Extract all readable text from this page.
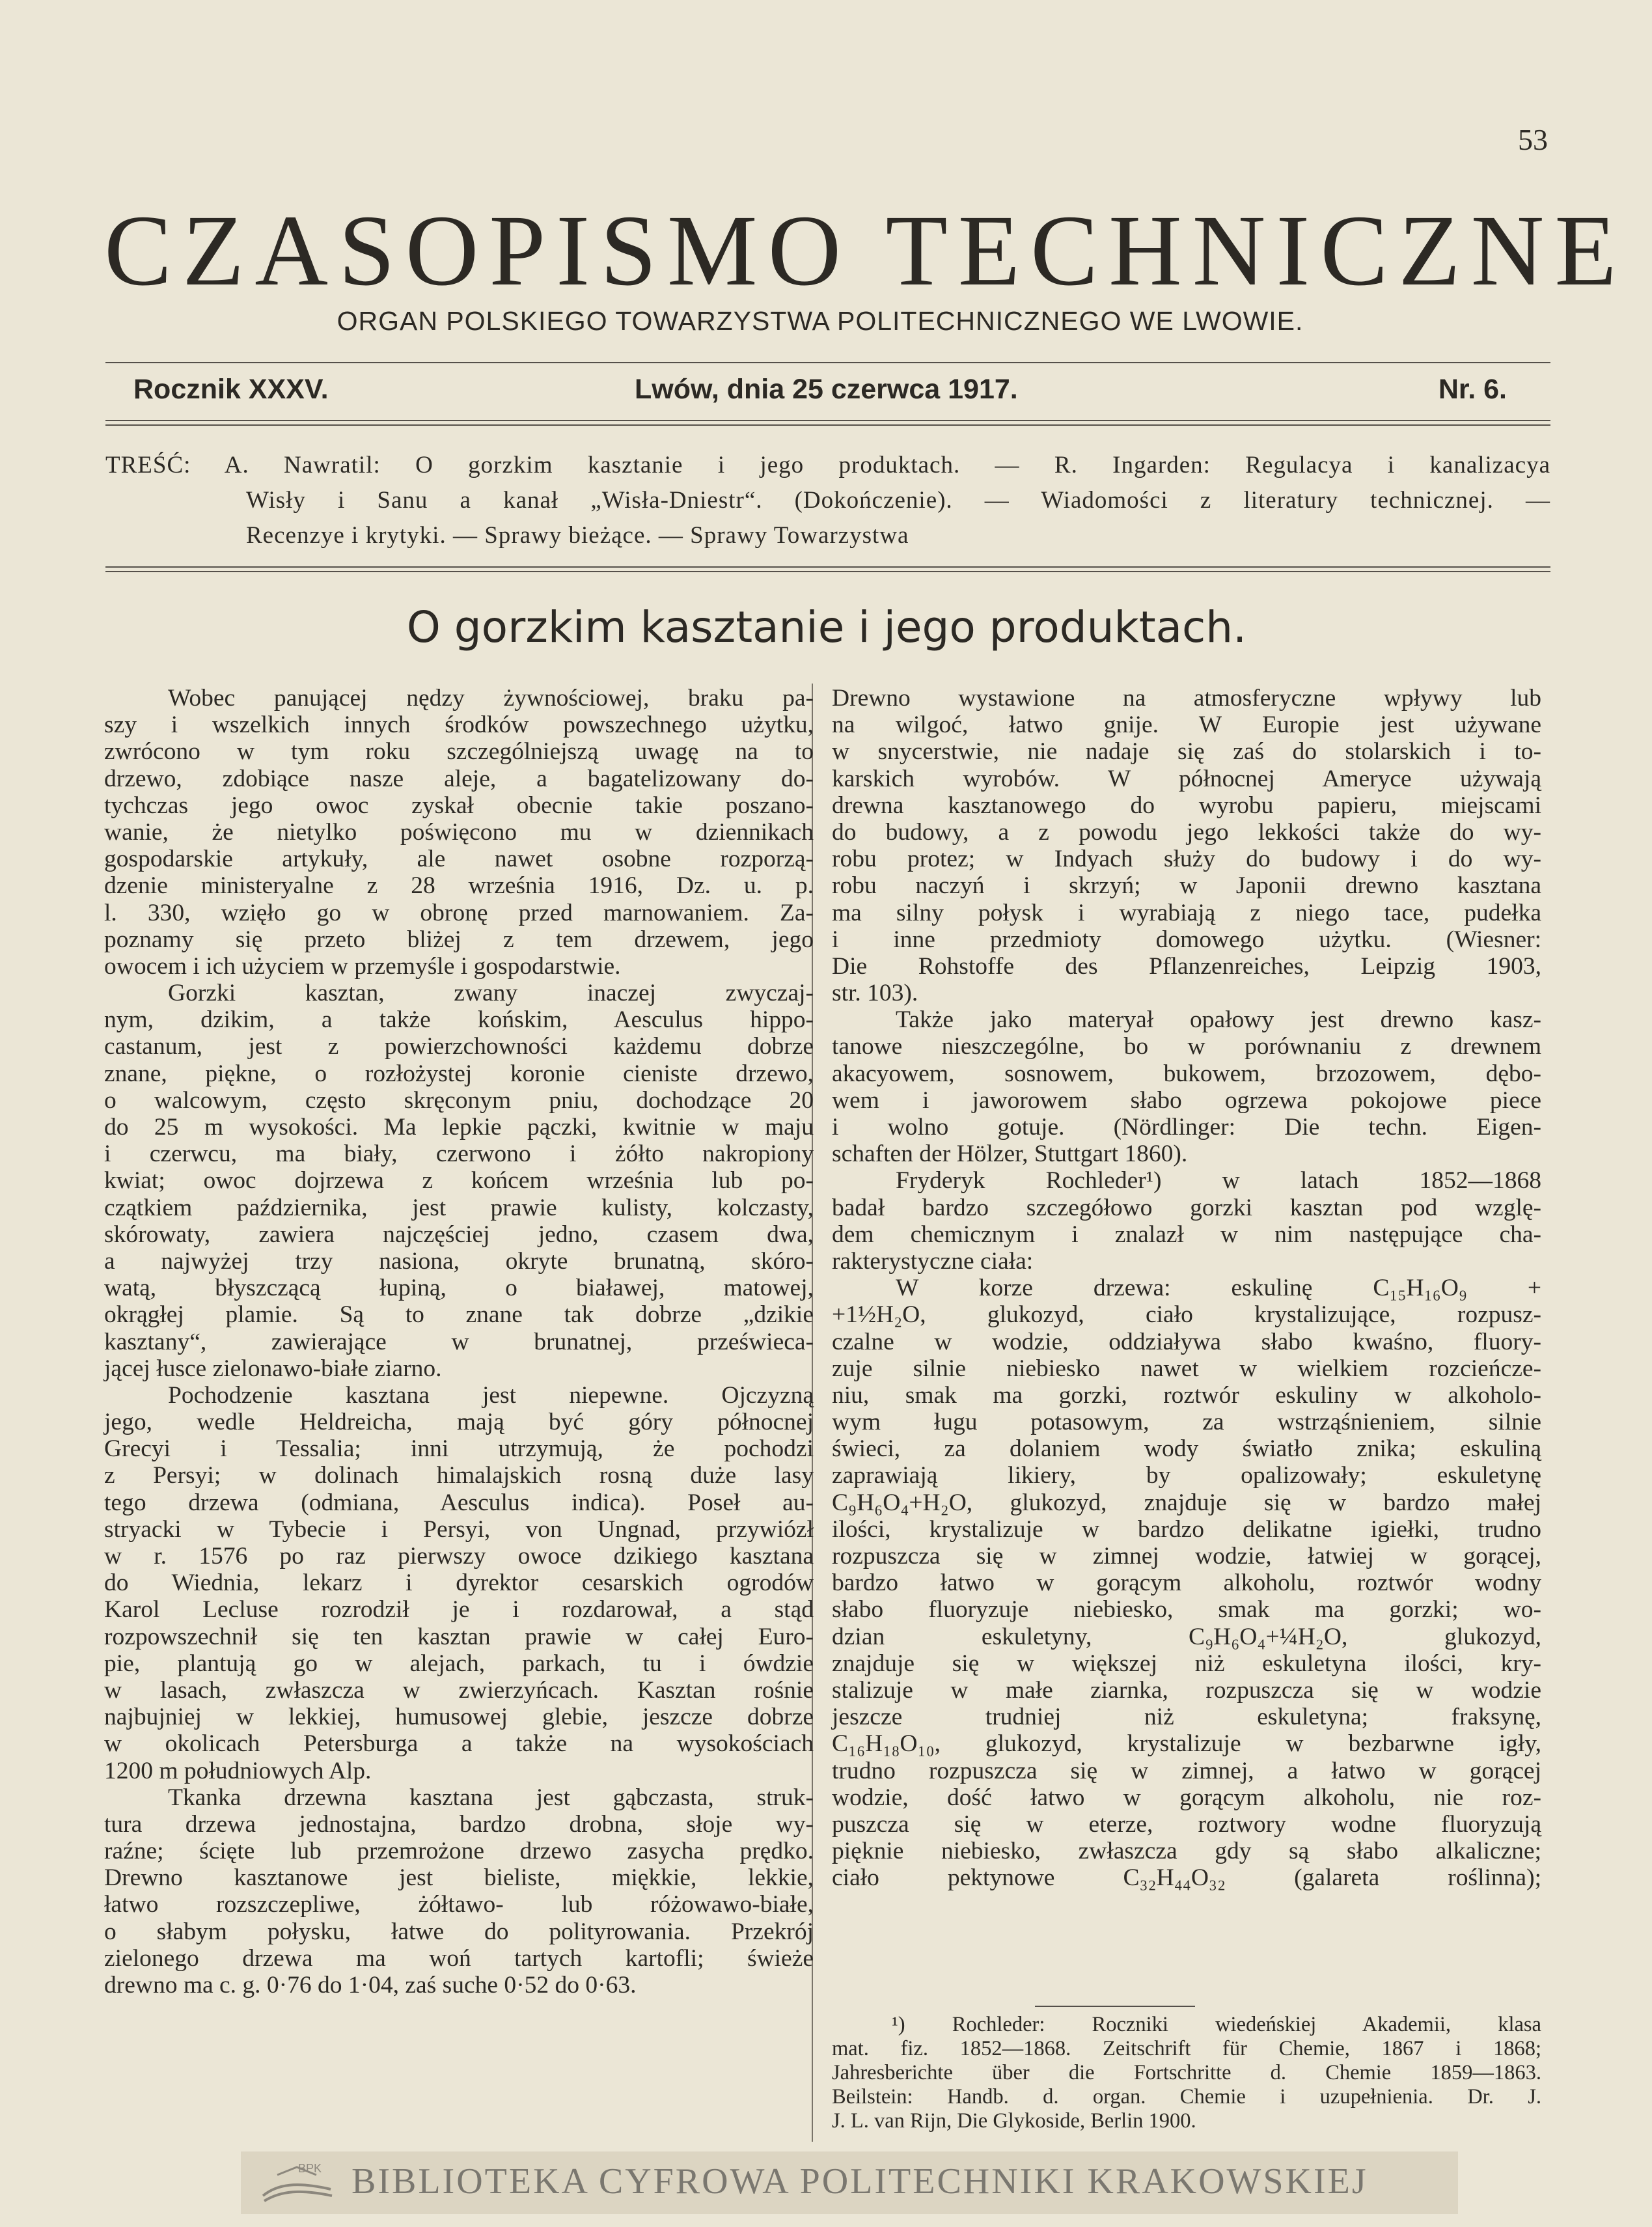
53
CZASOPISMO TECHNICZNE
ORGAN POLSKIEGO TOWARZYSTWA POLITECHNICZNEGO WE LWOWIE.
Rocznik XXXV.	Lwów, dnia 25 czerwca 1917.	Nr. 6.
TREŚĆ: A. Nawratil: O gorzkim kasztanie i jego produktach. — R. Ingarden: Regulacya i kanalizacya
Wisły i Sanu a kanał „Wisła-Dniestr“. (Dokończenie). — Wiadomości z literatury technicznej. —
Recenzye i krytyki. — Sprawy bieżące. — Sprawy Towarzystwa
O gorzkim kasztanie i jego produktach.
Wobec panującej nędzy żywnościowej, braku pa-
szy i wszelkich innych środków powszechnego użytku,
zwrócono w tym roku szczególniejszą uwagę na to
drzewo, zdobiące nasze aleje, a bagatelizowany do-
tychczas jego owoc zyskał obecnie takie poszano-
wanie, że nietylko poświęcono mu w dziennikach
gospodarskie artykuły, ale nawet osobne rozporzą-
dzenie ministeryalne z 28 września 1916, Dz. u. p.
l. 330, wzięło go w obronę przed marnowaniem. Za-
poznamy się przeto bliżej z tem drzewem, jego
owocem i ich użyciem w przemyśle i gospodarstwie.
Gorzki kasztan, zwany inaczej zwyczaj-
nym, dzikim, a także końskim, Aesculus hippo-
castanum, jest z powierzchowności każdemu dobrze
znane, piękne, o rozłożystej koronie cieniste drzewo,
o walcowym, często skręconym pniu, dochodzące 20
do 25 m wysokości. Ma lepkie pączki, kwitnie w maju
i czerwcu, ma biały, czerwono i żółto nakropiony
kwiat; owoc dojrzewa z końcem września lub po-
czątkiem października, jest prawie kulisty, kolczasty,
skórowaty, zawiera najczęściej jedno, czasem dwa,
a najwyżej trzy nasiona, okryte brunatną, skóro-
watą, błyszczącą łupiną, o białawej, matowej,
okrągłej plamie. Są to znane tak dobrze „dzikie
kasztany“, zawierające w brunatnej, prześwieca-
jącej łusce zielonawo-białe ziarno.
Pochodzenie kasztana jest niepewne. Ojczyzną
jego, wedle Heldreicha, mają być góry północnej
Grecyi i Tessalia; inni utrzymują, że pochodzi
z Persyi; w dolinach himalajskich rosną duże lasy
tego drzewa (odmiana, Aesculus indica). Poseł au-
stryacki w Tybecie i Persyi, von Ungnad, przywiózł
w r. 1576 po raz pierwszy owoce dzikiego kasztana
do Wiednia, lekarz i dyrektor cesarskich ogrodów
Karol Lecluse rozrodził je i rozdarował, a stąd
rozpowszechnił się ten kasztan prawie w całej Euro-
pie, plantują go w alejach, parkach, tu i ówdzie
w lasach, zwłaszcza w zwierzyńcach. Kasztan rośnie
najbujniej w lekkiej, humusowej glebie, jeszcze dobrze
w okolicach Petersburga a także na wysokościach
1200 m południowych Alp.
Tkanka drzewna kasztana jest gąbczasta, struk-
tura drzewa jednostajna, bardzo drobna, słoje wy-
raźne; ścięte lub przemrożone drzewo zasycha prędko.
Drewno kasztanowe jest bieliste, miękkie, lekkie,
łatwo rozszczepliwe, żółtawo- lub różowawo-białe,
o słabym połysku, łatwe do polityrowania. Przekrój
zielonego drzewa ma woń tartych kartofli; świeże
drewno ma c. g. 0·76 do 1·04, zaś suche 0·52 do 0·63.
Drewno wystawione na atmosferyczne wpływy lub
na wilgoć, łatwo gnije. W Europie jest używane
w snycerstwie, nie nadaje się zaś do stolarskich i to-
karskich wyrobów. W północnej Ameryce używają
drewna kasztanowego do wyrobu papieru, miejscami
do budowy, a z powodu jego lekkości także do wy-
robu protez; w Indyach służy do budowy i do wy-
robu naczyń i skrzyń; w Japonii drewno kasztana
ma silny połysk i wyrabiają z niego tace, pudełka
i inne przedmioty domowego użytku. (Wiesner:
Die Rohstoffe des Pflanzenreiches, Leipzig 1903,
str. 103).
Także jako materyał opałowy jest drewno kasz-
tanowe nieszczególne, bo w porównaniu z drewnem
akacyowem, sosnowem, bukowem, brzozowem, dębo-
wem i jaworowem słabo ogrzewa pokojowe piece
i wolno gotuje. (Nördlinger: Die techn. Eigen-
schaften der Hölzer, Stuttgart 1860).
Fryderyk Rochleder¹) w latach 1852—1868
badał bardzo szczegółowo gorzki kasztan pod wzglę-
dem chemicznym i znalazł w nim następujące cha-
rakterystyczne ciała:
W korze drzewa: eskulinę C₁₅H₁₆O₉ +
+1½H₂O, glukozyd, ciało krystalizujące, rozpusz-
czalne w wodzie, oddziaływa słabo kwaśno, fluory-
zuje silnie niebiesko nawet w wielkiem rozcieńcze-
niu, smak ma gorzki, roztwór eskuliny w alkoholo-
wym ługu potasowym, za wstrząśnieniem, silnie
świeci, za dolaniem wody światło znika; eskuliną
zaprawiają likiery, by opalizowały; eskuletynę
C₉H₆O₄+H₂O, glukozyd, znajduje się w bardzo małej
ilości, krystalizuje w bardzo delikatne igiełki, trudno
rozpuszcza się w zimnej wodzie, łatwiej w gorącej,
bardzo łatwo w gorącym alkoholu, roztwór wodny
słabo fluoryzuje niebiesko, smak ma gorzki; wo-
dzian eskuletyny, C₉H₆O₄+¼H₂O, glukozyd,
znajduje się w większej niż eskuletyna ilości, kry-
stalizuje w małe ziarnka, rozpuszcza się w wodzie
jeszcze trudniej niż eskuletyna; fraksynę,
C₁₆H₁₈O₁₀, glukozyd, krystalizuje w bezbarwne igły,
trudno rozpuszcza się w zimnej, a łatwo w gorącej
wodzie, dość łatwo w gorącym alkoholu, nie roz-
puszcza się w eterze, roztwory wodne fluoryzują
pięknie niebiesko, zwłaszcza gdy są słabo alkaliczne;
ciało pektynowe C₃₂H₄₄O₃₂ (galareta roślinna);
¹) Rochleder: Roczniki wiedeńskiej Akademii, klasa
mat. fiz. 1852—1868. Zeitschrift für Chemie, 1867 i 1868;
Jahresberichte über die Fortschritte d. Chemie 1859—1863.
Beilstein: Handb. d. organ. Chemie i uzupełnienia. Dr. J.
J. L. van Rijn, Die Glykoside, Berlin 1900.
BPK BIBLIOTEKA CYFROWA POLITECHNIKI KRAKOWSKIEJ
